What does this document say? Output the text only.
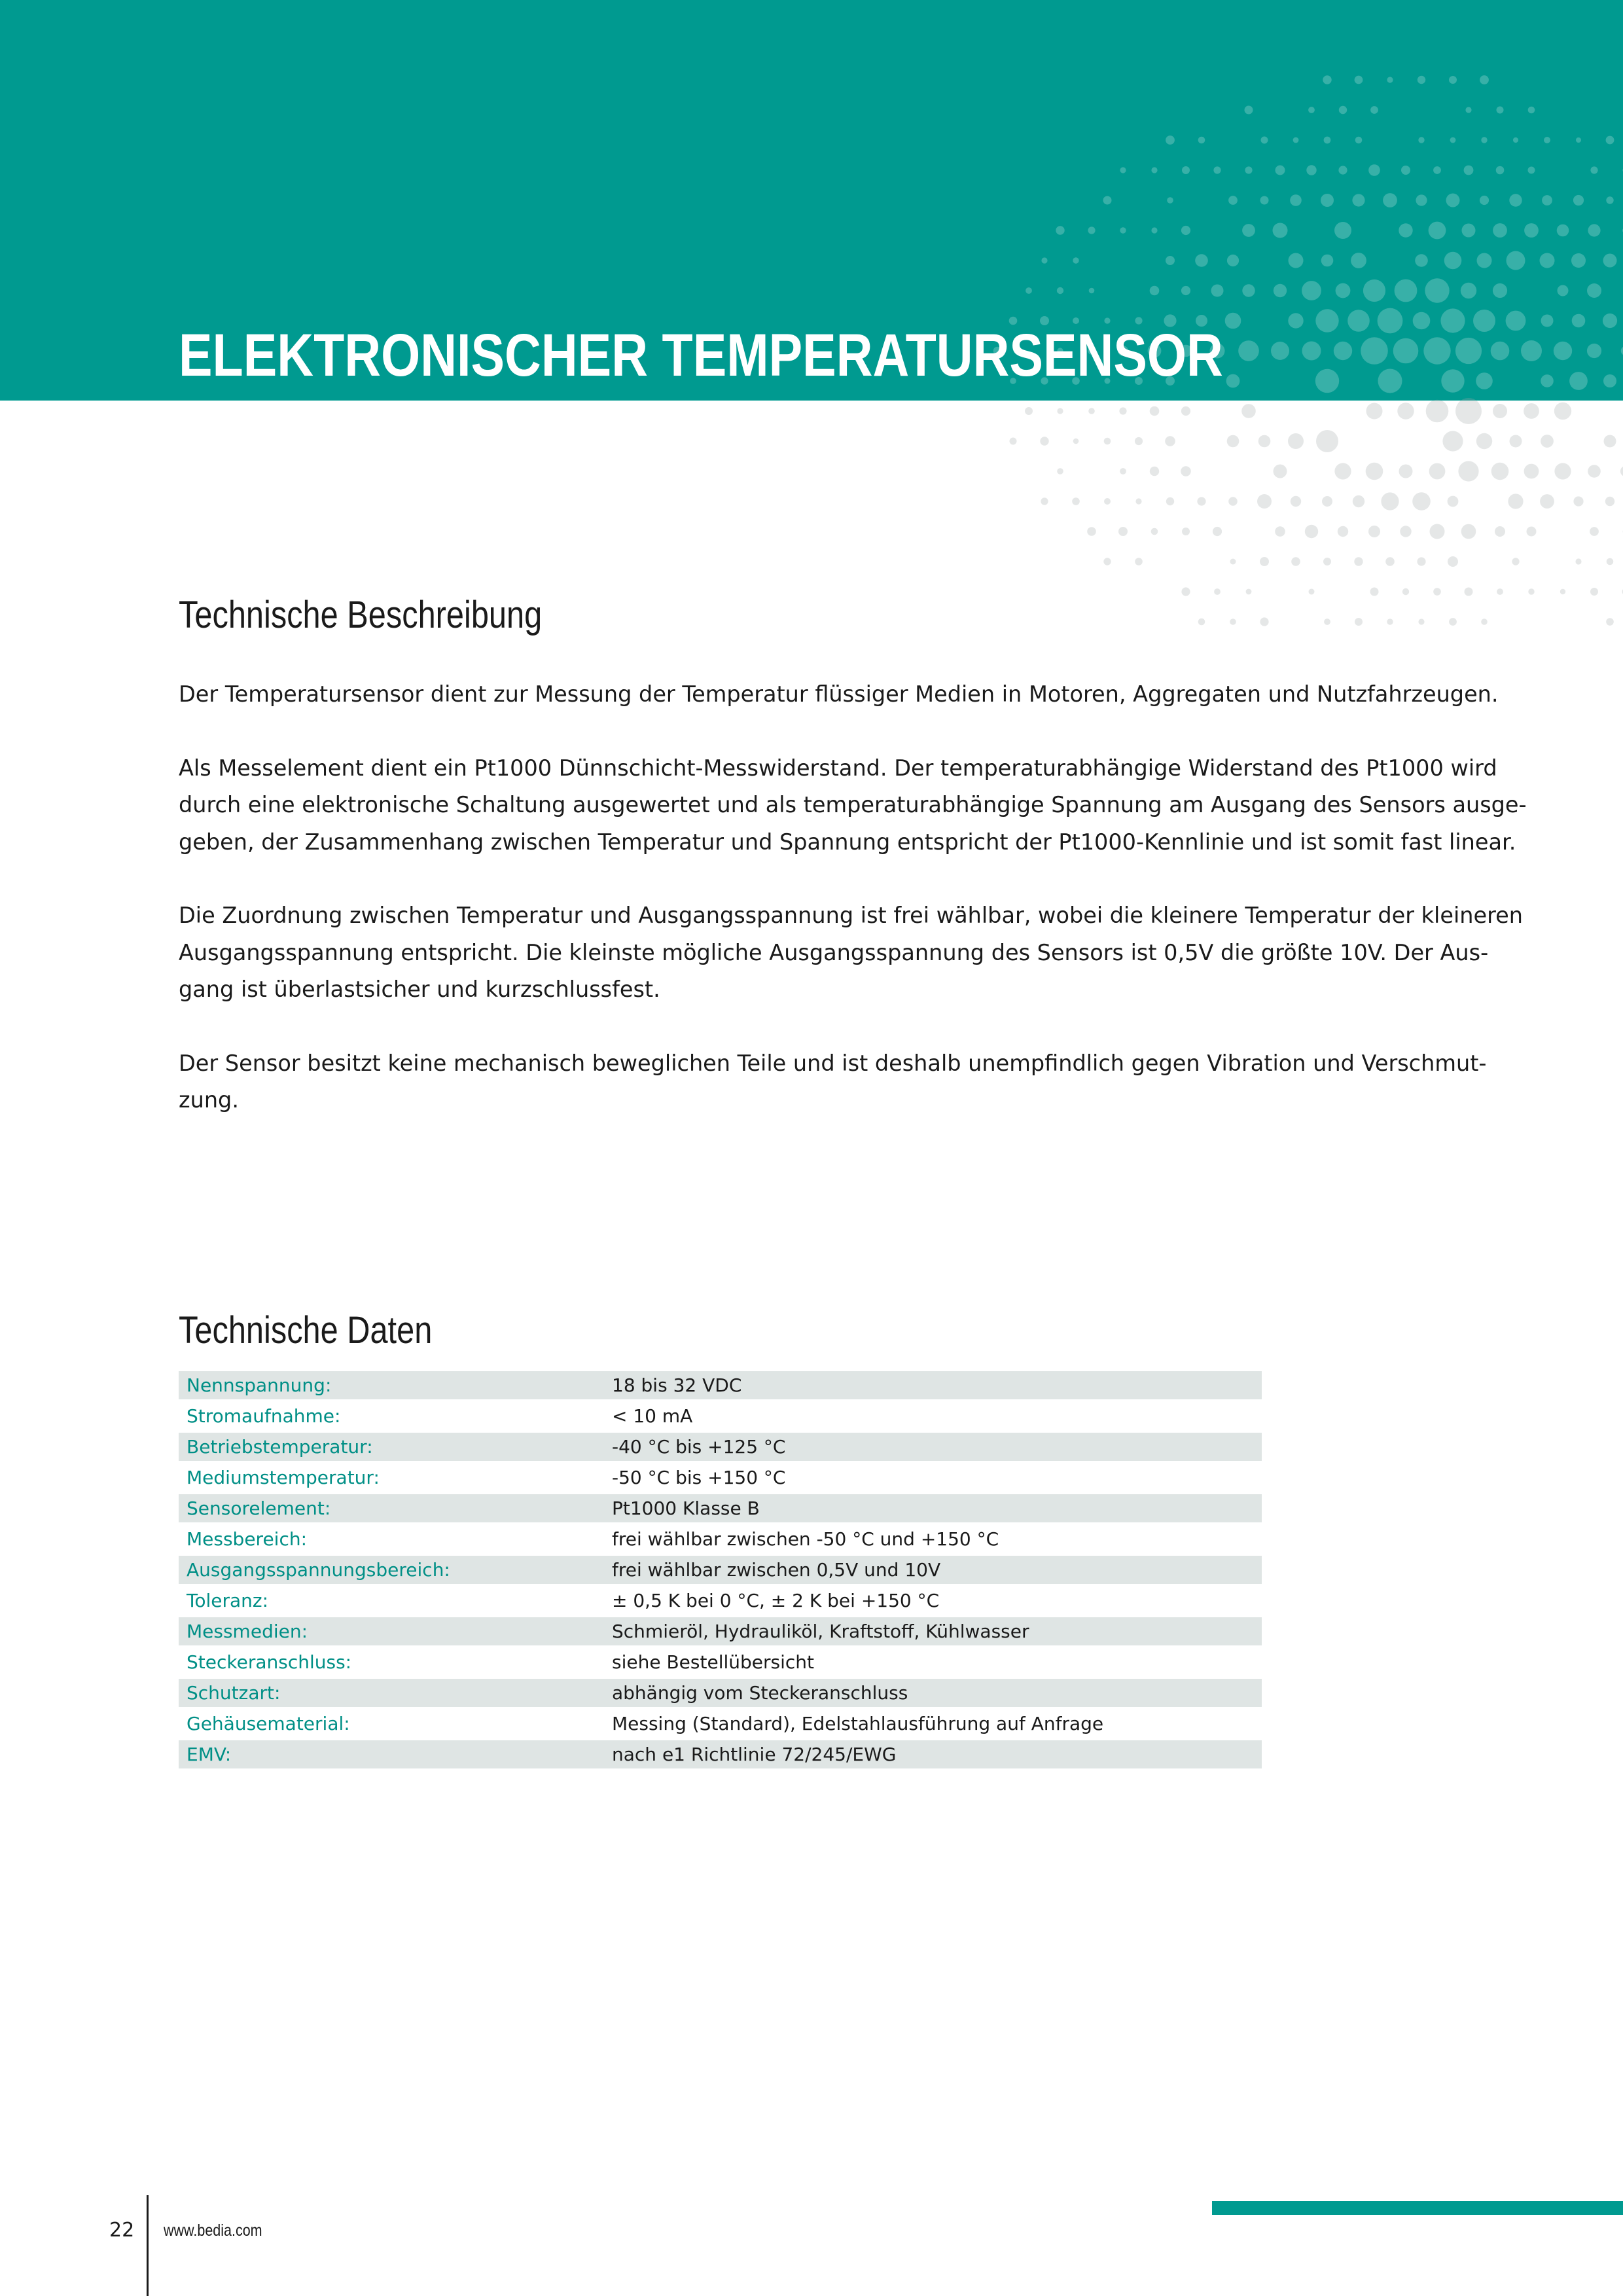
ELEKTRONISCHER TEMPERATURSENSOR
Technische Beschreibung

Der Temperatursensor dient zur Messung der Temperatur flüssiger Medien in Motoren, Aggregaten und Nutzfahrzeugen.

Als Messelement dient ein Pt1000 Dünnschicht-Messwiderstand. Der temperaturabhängige Widerstand des Pt1000 wird
durch eine elektronische Schaltung ausgewertet und als temperaturabhängige Spannung am Ausgang des Sensors ausge-
geben, der Zusammenhang zwischen Temperatur und Spannung entspricht der Pt1000-Kennlinie und ist somit fast linear.

Die Zuordnung zwischen Temperatur und Ausgangsspannung ist frei wählbar, wobei die kleinere Temperatur der kleineren
Ausgangsspannung entspricht. Die kleinste mögliche Ausgangsspannung des Sensors ist 0,5V die größte 10V. Der Aus-
gang ist überlastsicher und kurzschlussfest.

Der Sensor besitzt keine mechanisch beweglichen Teile und ist deshalb unempfindlich gegen Vibration und Verschmut-
zung.

Technische Daten
Nennspannung:	18 bis 32 VDC
Stromaufnahme:	< 10 mA
Betriebstemperatur:	-40 °C bis +125 °C
Mediumstemperatur:	-50 °C bis +150 °C
Sensorelement:	Pt1000 Klasse B
Messbereich:	frei wählbar zwischen -50 °C und +150 °C
Ausgangsspannungsbereich:	frei wählbar zwischen 0,5V und 10V
Toleranz:	± 0,5 K bei 0 °C, ± 2 K bei +150 °C
Messmedien:	Schmieröl, Hydrauliköl, Kraftstoff, Kühlwasser
Steckeranschluss:	siehe Bestellübersicht
Schutzart:	abhängig vom Steckeranschluss
Gehäusematerial:	Messing (Standard), Edelstahlausführung auf Anfrage
EMV:	nach e1 Richtlinie 72/245/EWG
22 www.bedia.com
